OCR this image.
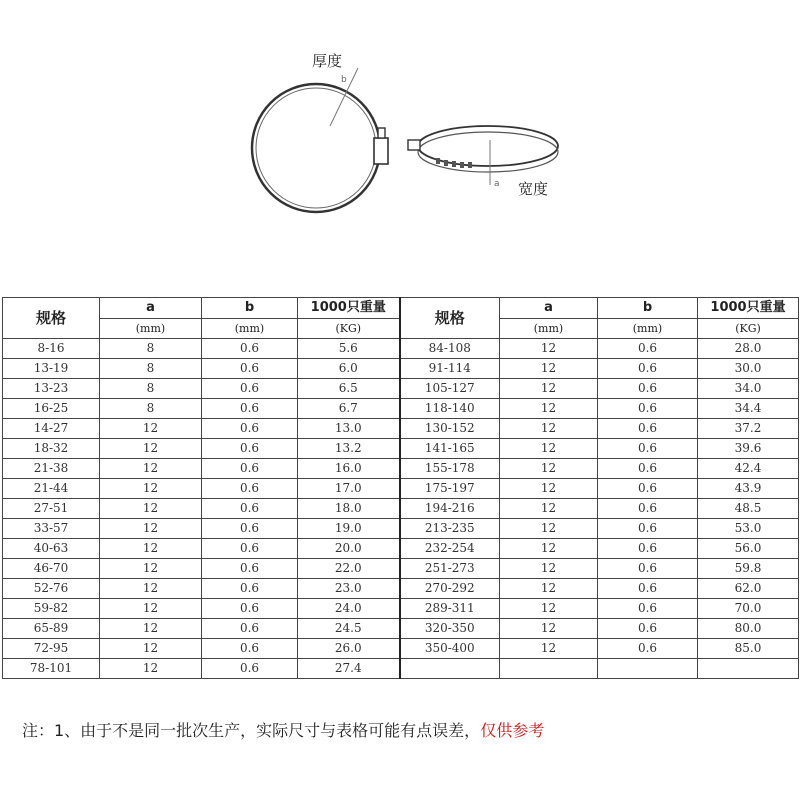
厚度
b
a 宽度
规格	a	b	1000只重量	规格	a	b	1000只重量
	(mm)	(mm)	(KG)		(mm)	(mm)	(KG)
8-16	8	0.6	5.6	84-108	12	0.6	28.0
13-19	8	0.6	6.0	91-114	12	0.6	30.0
13-23	8	0.6	6.5	105-127	12	0.6	34.0
16-25	8	0.6	6.7	118-140	12	0.6	34.4
14-27	12	0.6	13.0	130-152	12	0.6	37.2
18-32	12	0.6	13.2	141-165	12	0.6	39.6
21-38	12	0.6	16.0	155-178	12	0.6	42.4
21-44	12	0.6	17.0	175-197	12	0.6	43.9
27-51	12	0.6	18.0	194-216	12	0.6	48.5
33-57	12	0.6	19.0	213-235	12	0.6	53.0
40-63	12	0.6	20.0	232-254	12	0.6	56.0
46-70	12	0.6	22.0	251-273	12	0.6	59.8
52-76	12	0.6	23.0	270-292	12	0.6	62.0
59-82	12	0.6	24.0	289-311	12	0.6	70.0
65-89	12	0.6	24.5	320-350	12	0.6	80.0
72-95	12	0.6	26.0	350-400	12	0.6	85.0
78-101	12	0.6	27.4				
注：1、由于不是同一批次生产，实际尺寸与表格可能有点误差，仅供参考
